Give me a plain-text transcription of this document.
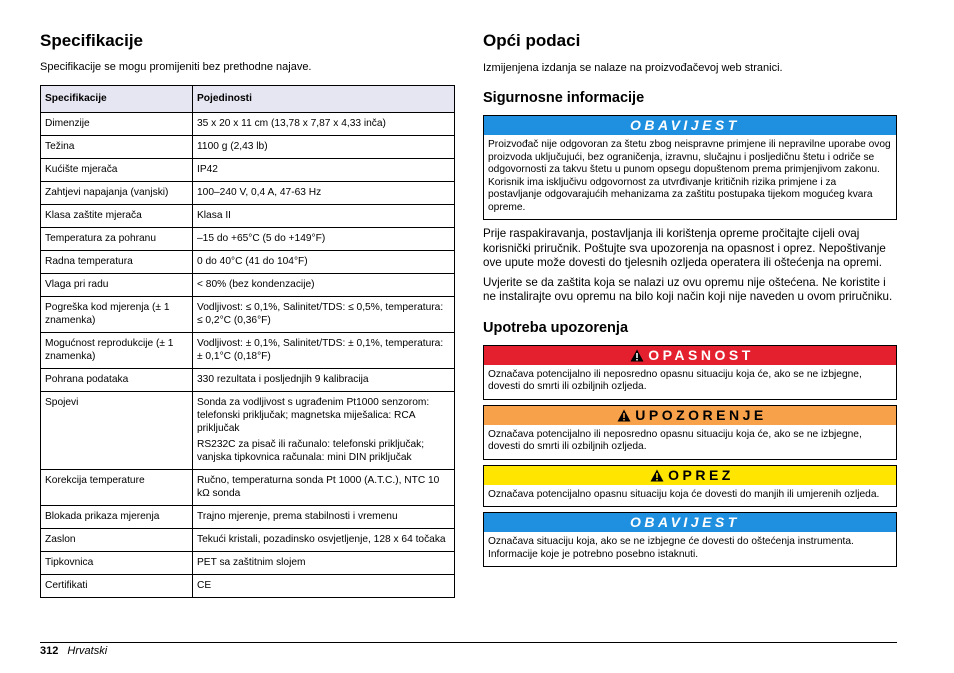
Specifikacije

Specifikacije se mogu promijeniti bez prethodne najave.

Specifikacije	Pojedinosti
Dimenzije	35 x 20 x 11 cm (13,78 x 7,87 x 4,33 inča)

Težina	1100 g (2,43 lb)

Kućište mjerača	IP42

Zahtjevi napajanja (vanjski)	100–240 V, 0,4 A, 47-63 Hz

Klasa zaštite mjerača	Klasa II

Temperatura za pohranu	–15 do +65°C (5 do +149°F)

Radna temperatura	0 do 40°C (41 do 104°F)

Vlaga pri radu	< 80% (bez kondenzacije)

Pogreška kod mjerenja (± 1 znamenka)	Vodljivost: ≤ 0,1%, Salinitet/TDS: ≤ 0,5%, temperatura: ≤ 0,2°C (0,36°F)

Mogućnost reprodukcije (± 1 znamenka)	Vodljivost: ± 0,1%, Salinitet/TDS: ± 0,1%, temperatura: ± 0,1°C (0,18°F)

Pohrana podataka	330 rezultata i posljednjih 9 kalibracija

Spojevi	Sonda za vodljivost s ugrađenim Pt1000 senzorom: telefonski priključak; magnetska miješalica: RCA priključak
RS232C za pisač ili računalo: telefonski priključak; vanjska tipkovnica računala: mini DIN priključak

Korekcija temperature	Ručno, temperaturna sonda Pt 1000 (A.T.C.), NTC 10 kΩ sonda

Blokada prikaza mjerenja	Trajno mjerenje, prema stabilnosti i vremenu

Zaslon	Tekući kristali, pozadinsko osvjetljenje, 128 x 64 točaka

Tipkovnica	PET sa zaštitnim slojem

Certifikati	CE
Opći podaci

Izmijenjena izdanja se nalaze na proizvođačevoj web stranici.

Sigurnosne informacije
OBAVIJEST
Proizvođač nije odgovoran za štetu zbog neispravne primjene ili nepravilne uporabe ovog proizvoda uključujući, bez ograničenja, izravnu, slučajnu i posljedičnu štetu i odriče se odgovornosti za takvu štetu u punom opsegu dopuštenom prema primjenjivom zakonu. Korisnik ima isključivu odgovornost za utvrđivanje kritičnih rizika primjene i za postavljanje odgovarajućih mehanizama za zaštitu postupaka tijekom mogućeg kvara opreme.

Prije raspakiravanja, postavljanja ili korištenja opreme pročitajte cijeli ovaj korisnički priručnik. Poštujte sva upozorenja na opasnost i oprez. Nepoštivanje ove upute može dovesti do tjelesnih ozljeda operatera ili oštećenja na opremi.

Uvjerite se da zaštita koja se nalazi uz ovu opremu nije oštećena. Ne koristite i ne instalirajte ovu opremu na bilo koji način koji nije naveden u ovom priručniku.

Upotreba upozorenja
OPASNOST
Označava potencijalno ili neposredno opasnu situaciju koja će, ako se ne izbjegne, dovesti do smrti ili ozbiljnih ozljeda.
UPOZORENJE
Označava potencijalno ili neposredno opasnu situaciju koja će, ako se ne izbjegne, dovesti do smrti ili ozbiljnih ozljeda.
OPREZ
Označava potencijalno opasnu situaciju koja će dovesti do manjih ili umjerenih ozljeda.
OBAVIJEST
Označava situaciju koja, ako se ne izbjegne će dovesti do oštećenja instrumenta. Informacije koje je potrebno posebno istaknuti.
312 Hrvatski
